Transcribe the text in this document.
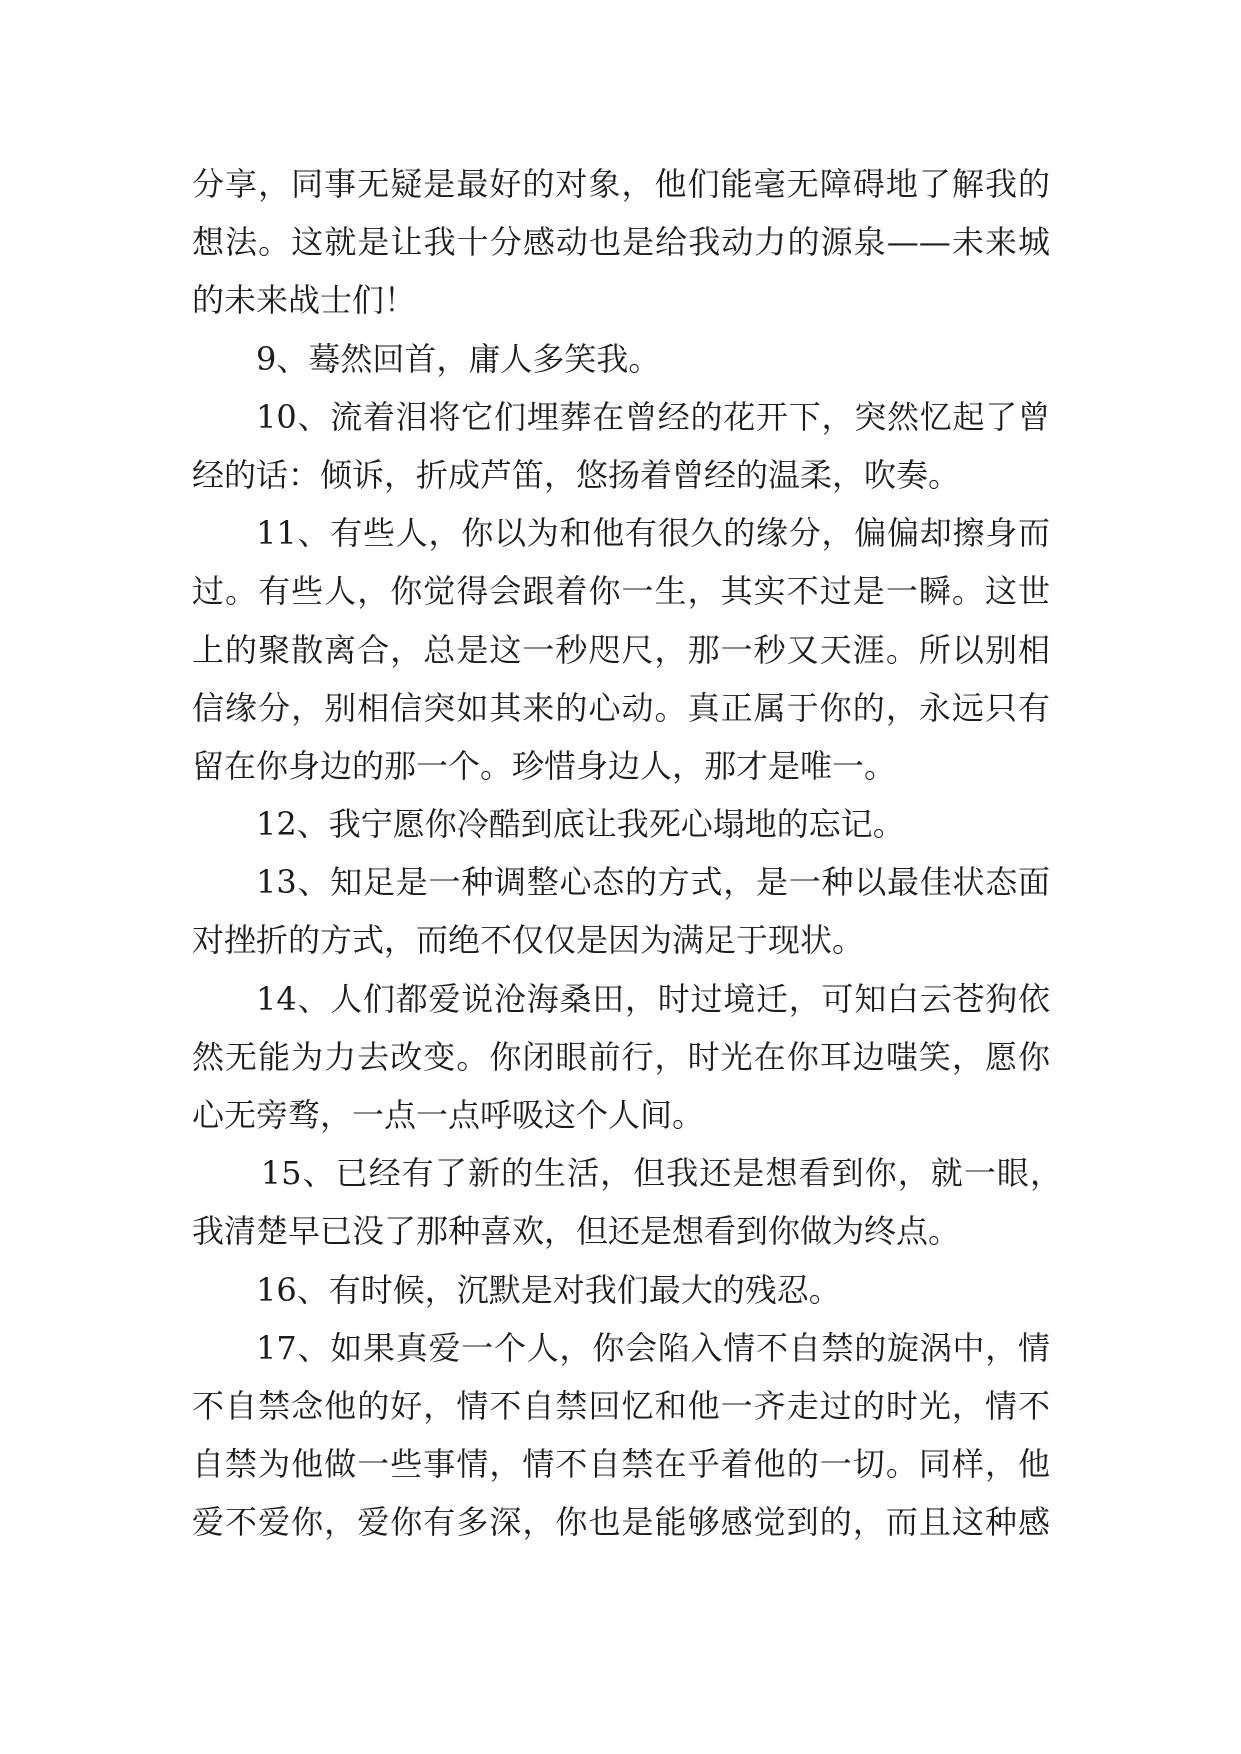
分享，同事无疑是最好的对象，他们能毫无障碍地了解我的
想法。这就是让我十分感动也是给我动力的源泉——未来城
的未来战士们！
9、蓦然回首，庸人多笑我。
10、流着泪将它们埋葬在曾经的花开下，突然忆起了曾
经的话：倾诉，折成芦笛，悠扬着曾经的温柔，吹奏。
11、有些人，你以为和他有很久的缘分，偏偏却擦身而
过。有些人，你觉得会跟着你一生，其实不过是一瞬。这世
上的聚散离合，总是这一秒咫尺，那一秒又天涯。所以别相
信缘分，别相信突如其来的心动。真正属于你的，永远只有
留在你身边的那一个。珍惜身边人，那才是唯一。
12、我宁愿你冷酷到底让我死心塌地的忘记。
13、知足是一种调整心态的方式，是一种以最佳状态面
对挫折的方式，而绝不仅仅是因为满足于现状。
14、人们都爱说沧海桑田，时过境迁，可知白云苍狗依
然无能为力去改变。你闭眼前行，时光在你耳边嗤笑，愿你
心无旁骛，一点一点呼吸这个人间。
15、已经有了新的生活，但我还是想看到你，就一眼，
我清楚早已没了那种喜欢，但还是想看到你做为终点。
16、有时候，沉默是对我们最大的残忍。
17、如果真爱一个人，你会陷入情不自禁的旋涡中，情
不自禁念他的好，情不自禁回忆和他一齐走过的时光，情不
自禁为他做一些事情，情不自禁在乎着他的一切。同样，他
爱不爱你，爱你有多深，你也是能够感觉到的，而且这种感
